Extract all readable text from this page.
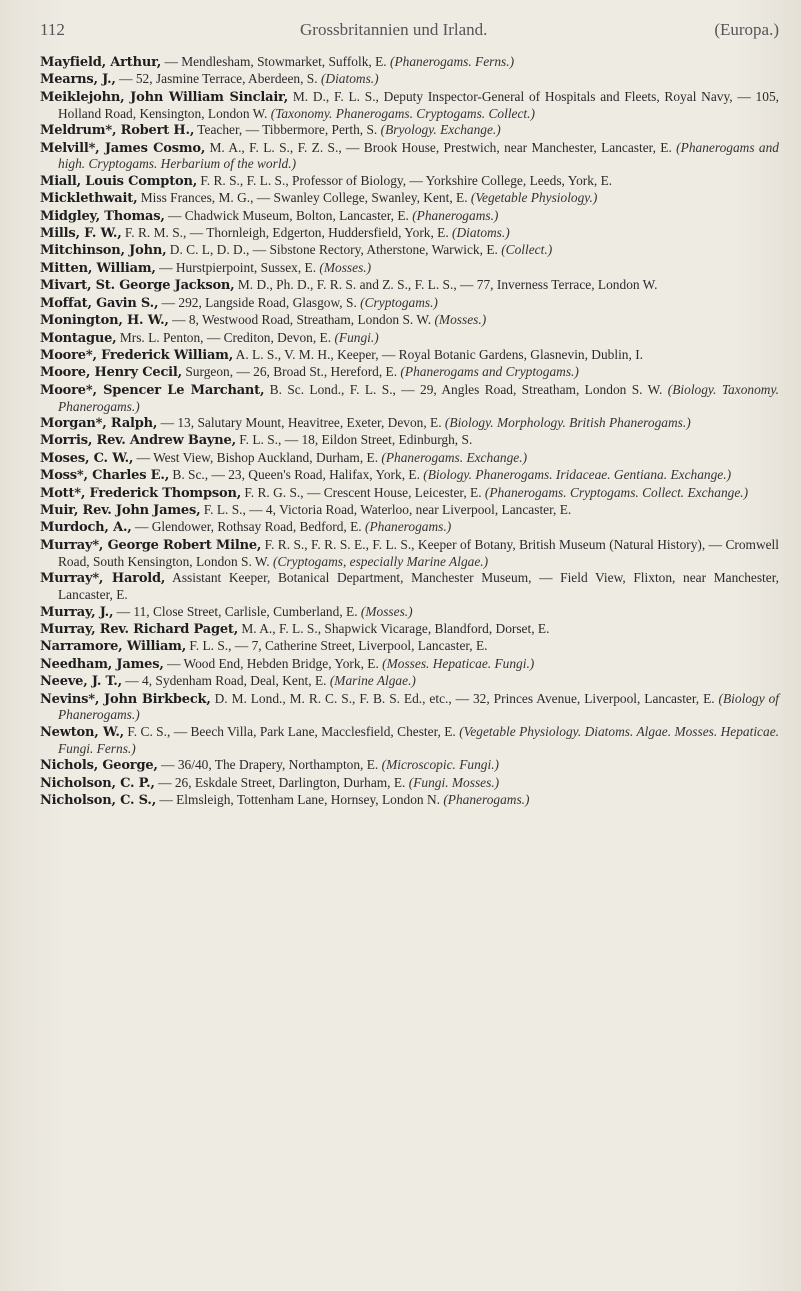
112	Grossbritannien und Irland.	(Europa.)

Mayfield, Arthur, — Mendlesham, Stowmarket, Suffolk, E. (Phanerogams. Ferns.)

Mearns, J., — 52, Jasmine Terrace, Aberdeen, S. (Diatoms.)

Meiklejohn, John William Sinclair, M. D., F. L. S., Deputy Inspector-General of Hospitals and Fleets, Royal Navy, — 105, Holland Road, Kensington, London W. (Taxonomy. Phanerogams. Cryptogams. Collect.)

Meldrum*, Robert H., Teacher, — Tibbermore, Perth, S. (Bryology. Exchange.)

Melvill*, James Cosmo, M. A., F. L. S., F. Z. S., — Brook House, Prestwich, near Manchester, Lancaster, E. (Phanerogams and high. Cryptogams. Herbarium of the world.)

Miall, Louis Compton, F. R. S., F. L. S., Professor of Biology, — Yorkshire College, Leeds, York, E.

Micklethwait, Miss Frances, M. G., — Swanley College, Swanley, Kent, E. (Vegetable Physiology.)

Midgley, Thomas, — Chadwick Museum, Bolton, Lancaster, E. (Phanerogams.)

Mills, F. W., F. R. M. S., — Thornleigh, Edgerton, Huddersfield, York, E. (Diatoms.)

Mitchinson, John, D. C. L, D. D., — Sibstone Rectory, Atherstone, Warwick, E. (Collect.)

Mitten, William, — Hurstpierpoint, Sussex, E. (Mosses.)

Mivart, St. George Jackson, M. D., Ph. D., F. R. S. and Z. S., F. L. S., — 77, Inverness Terrace, London W.

Moffat, Gavin S., — 292, Langside Road, Glasgow, S. (Cryptogams.)

Monington, H. W., — 8, Westwood Road, Streatham, London S. W. (Mosses.)

Montague, Mrs. L. Penton, — Crediton, Devon, E. (Fungi.)

Moore*, Frederick William, A. L. S., V. M. H., Keeper, — Royal Botanic Gardens, Glasnevin, Dublin, I.

Moore, Henry Cecil, Surgeon, — 26, Broad St., Hereford, E. (Phanerogams and Cryptogams.)

Moore*, Spencer Le Marchant, B. Sc. Lond., F. L. S., — 29, Angles Road, Streatham, London S. W. (Biology. Taxonomy. Phanerogams.)

Morgan*, Ralph, — 13, Salutary Mount, Heavitree, Exeter, Devon, E. (Biology. Morphology. British Phanerogams.)

Morris, Rev. Andrew Bayne, F. L. S., — 18, Eildon Street, Edinburgh, S.

Moses, C. W., — West View, Bishop Auckland, Durham, E. (Phanerogams. Exchange.)

Moss*, Charles E., B. Sc., — 23, Queen's Road, Halifax, York, E. (Biology. Phanerogams. Iridaceae. Gentiana. Exchange.)

Mott*, Frederick Thompson, F. R. G. S., — Crescent House, Leicester, E. (Phanerogams. Cryptogams. Collect. Exchange.)

Muir, Rev. John James, F. L. S., — 4, Victoria Road, Waterloo, near Liverpool, Lancaster, E.

Murdoch, A., — Glendower, Rothsay Road, Bedford, E. (Phanerogams.)

Murray*, George Robert Milne, F. R. S., F. R. S. E., F. L. S., Keeper of Botany, British Museum (Natural History), — Cromwell Road, South Kensington, London S. W. (Cryptogams, especially Marine Algae.)

Murray*, Harold, Assistant Keeper, Botanical Department, Manchester Museum, — Field View, Flixton, near Manchester, Lancaster, E.

Murray, J., — 11, Close Street, Carlisle, Cumberland, E. (Mosses.)

Murray, Rev. Richard Paget, M. A., F. L. S., Shapwick Vicarage, Blandford, Dorset, E.

Narramore, William, F. L. S., — 7, Catherine Street, Liverpool, Lancaster, E.

Needham, James, — Wood End, Hebden Bridge, York, E. (Mosses. Hepaticae. Fungi.)

Neeve, J. T., — 4, Sydenham Road, Deal, Kent, E. (Marine Algae.)

Nevins*, John Birkbeck, D. M. Lond., M. R. C. S., F. B. S. Ed., etc., — 32, Princes Avenue, Liverpool, Lancaster, E. (Biology of Phanerogams.)

Newton, W., F. C. S., — Beech Villa, Park Lane, Macclesfield, Chester, E. (Vegetable Physiology. Diatoms. Algae. Mosses. Hepaticae. Fungi. Ferns.)

Nichols, George, — 36/40, The Drapery, Northampton, E. (Microscopic. Fungi.)

Nicholson, C. P., — 26, Eskdale Street, Darlington, Durham, E. (Fungi. Mosses.)

Nicholson, C. S., — Elmsleigh, Tottenham Lane, Hornsey, London N. (Phanerogams.)
